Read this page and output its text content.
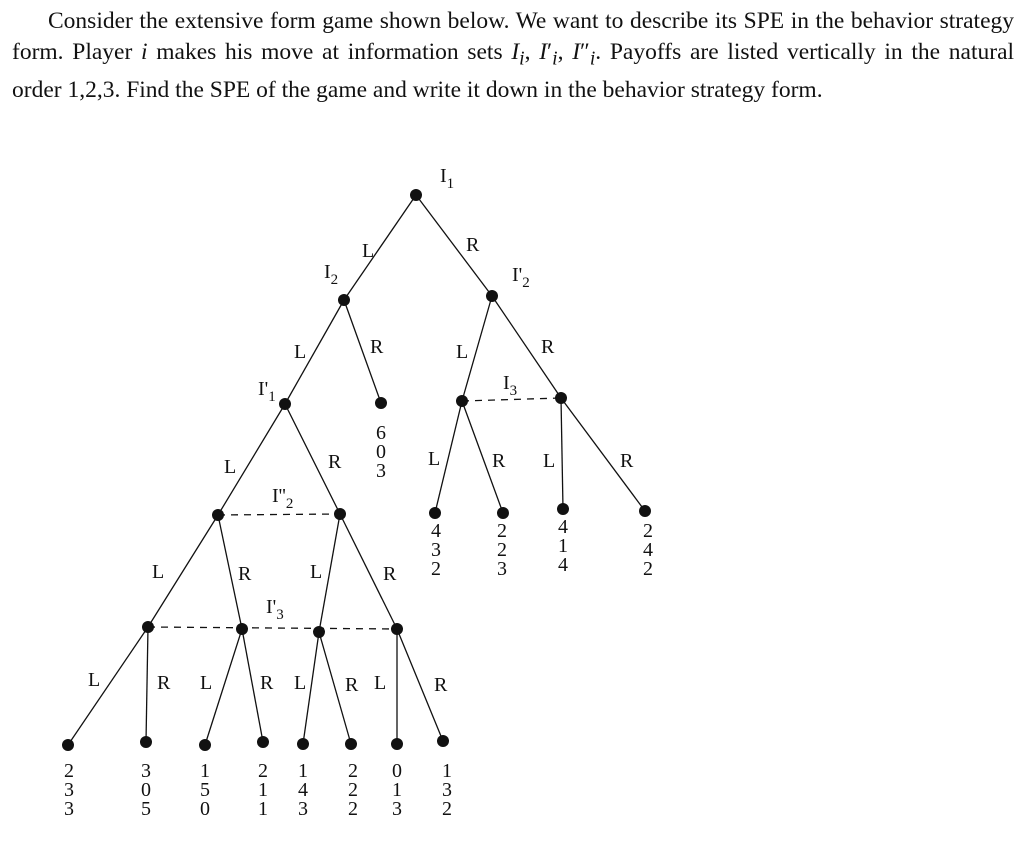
Consider the extensive form game shown below. We want to describe its SPE in the behavior strategy form. Player i makes his move at information sets $I_i$, $I'_i$, $I''_i$. Payoffs are listed vertically in the natural order 1,2,3. Find the SPE of the game and write it down in the behavior strategy form.
$I_1$
$I_2$	$I'_2$
$I'_1$
$I''_2$
$I_3$
$I'_3$
L	R
L	R	L	R
L	R	L	R L	R
L	R	L	R
L	R L R L R L R
6
0
3
4
3
2
2
2
3
4
1
4
2
4
2
2
3
3
3
0
5
1
5
0
2
1
1
1
4
3
2
2
2
0
1
3
1
3
2
